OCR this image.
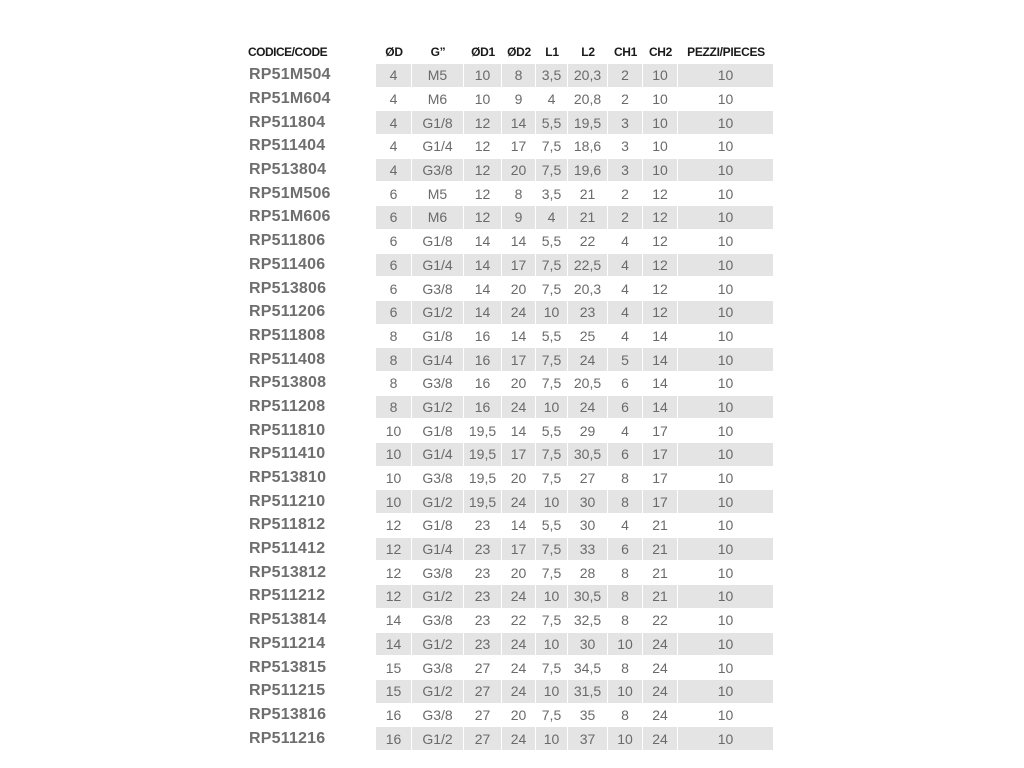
CODICE/CODE	ØD	G”	ØD1	ØD2	L1	L2	CH1	CH2	PEZZI/PIECES
RP51M504	4	M5	10	8	3,5	20,3	2	10	10
RP51M604	4	M6	10	9	4	20,8	2	10	10
RP511804	4	G1/8	12	14	5,5	19,5	3	10	10
RP511404	4	G1/4	12	17	7,5	18,6	3	10	10
RP513804	4	G3/8	12	20	7,5	19,6	3	10	10
RP51M506	6	M5	12	8	3,5	21	2	12	10
RP51M606	6	M6	12	9	4	21	2	12	10
RP511806	6	G1/8	14	14	5,5	22	4	12	10
RP511406	6	G1/4	14	17	7,5	22,5	4	12	10
RP513806	6	G3/8	14	20	7,5	20,3	4	12	10
RP511206	6	G1/2	14	24	10	23	4	12	10
RP511808	8	G1/8	16	14	5,5	25	4	14	10
RP511408	8	G1/4	16	17	7,5	24	5	14	10
RP513808	8	G3/8	16	20	7,5	20,5	6	14	10
RP511208	8	G1/2	16	24	10	24	6	14	10
RP511810	10	G1/8	19,5	14	5,5	29	4	17	10
RP511410	10	G1/4	19,5	17	7,5	30,5	6	17	10
RP513810	10	G3/8	19,5	20	7,5	27	8	17	10
RP511210	10	G1/2	19,5	24	10	30	8	17	10
RP511812	12	G1/8	23	14	5,5	30	4	21	10
RP511412	12	G1/4	23	17	7,5	33	6	21	10
RP513812	12	G3/8	23	20	7,5	28	8	21	10
RP511212	12	G1/2	23	24	10	30,5	8	21	10
RP513814	14	G3/8	23	22	7,5	32,5	8	22	10
RP511214	14	G1/2	23	24	10	30	10	24	10
RP513815	15	G3/8	27	24	7,5	34,5	8	24	10
RP511215	15	G1/2	27	24	10	31,5	10	24	10
RP513816	16	G3/8	27	20	7,5	35	8	24	10
RP511216	16	G1/2	27	24	10	37	10	24	10
